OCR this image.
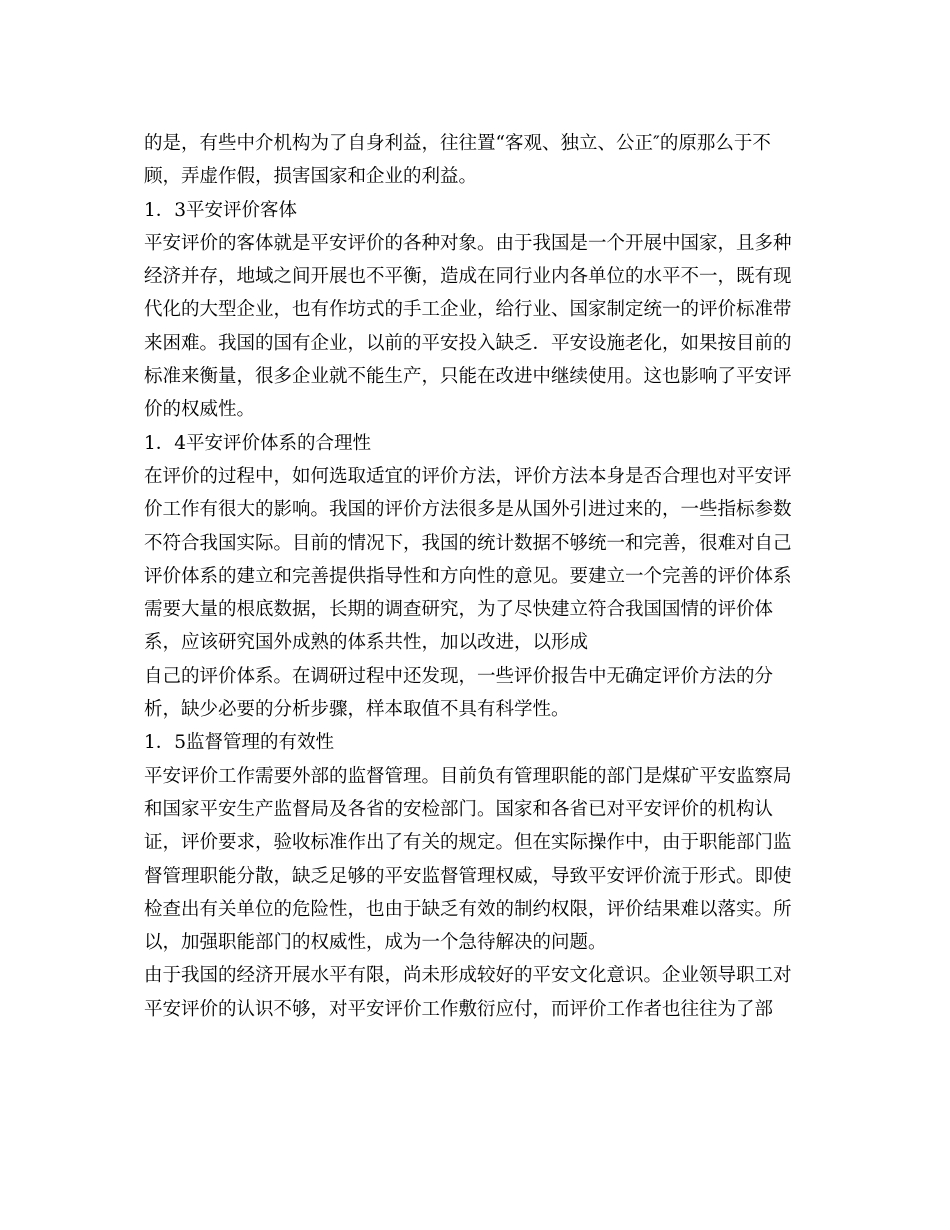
的是，有些中介机构为了自身利益，往往置“客观、独立、公正″的原那么于不
顾，弄虚作假，损害国家和企业的利益。
1．3平安评价客体
平安评价的客体就是平安评价的各种对象。由于我国是一个开展中国家，且多种
经济并存，地域之间开展也不平衡，造成在同行业内各单位的水平不一，既有现
代化的大型企业，也有作坊式的手工企业，给行业、国家制定统一的评价标准带
来困难。我国的国有企业，以前的平安投入缺乏．平安设施老化，如果按目前的
标准来衡量，很多企业就不能生产，只能在改进中继续使用。这也影响了平安评
价的权威性。
1．4平安评价体系的合理性
在评价的过程中，如何选取适宜的评价方法，评价方法本身是否合理也对平安评
价工作有很大的影响。我国的评价方法很多是从国外引进过来的，一些指标参数
不符合我国实际。目前的情况下，我国的统计数据不够统一和完善，很难对自己
评价体系的建立和完善提供指导性和方向性的意见。要建立一个完善的评价体系
需要大量的根底数据，长期的调查研究，为了尽快建立符合我国国情的评价体
系，应该研究国外成熟的体系共性，加以改进，以形成
自己的评价体系。在调研过程中还发现，一些评价报告中无确定评价方法的分
析，缺少必要的分析步骤，样本取值不具有科学性。
1．5监督管理的有效性
平安评价工作需要外部的监督管理。目前负有管理职能的部门是煤矿平安监察局
和国家平安生产监督局及各省的安检部门。国家和各省已对平安评价的机构认
证，评价要求，验收标准作出了有关的规定。但在实际操作中，由于职能部门监
督管理职能分散，缺乏足够的平安监督管理权威，导致平安评价流于形式。即使
检查出有关单位的危险性，也由于缺乏有效的制约权限，评价结果难以落实。所
以，加强职能部门的权威性，成为一个急待解决的问题。
由于我国的经济开展水平有限，尚未形成较好的平安文化意识。企业领导职工对
平安评价的认识不够，对平安评价工作敷衍应付，而评价工作者也往往为了部
